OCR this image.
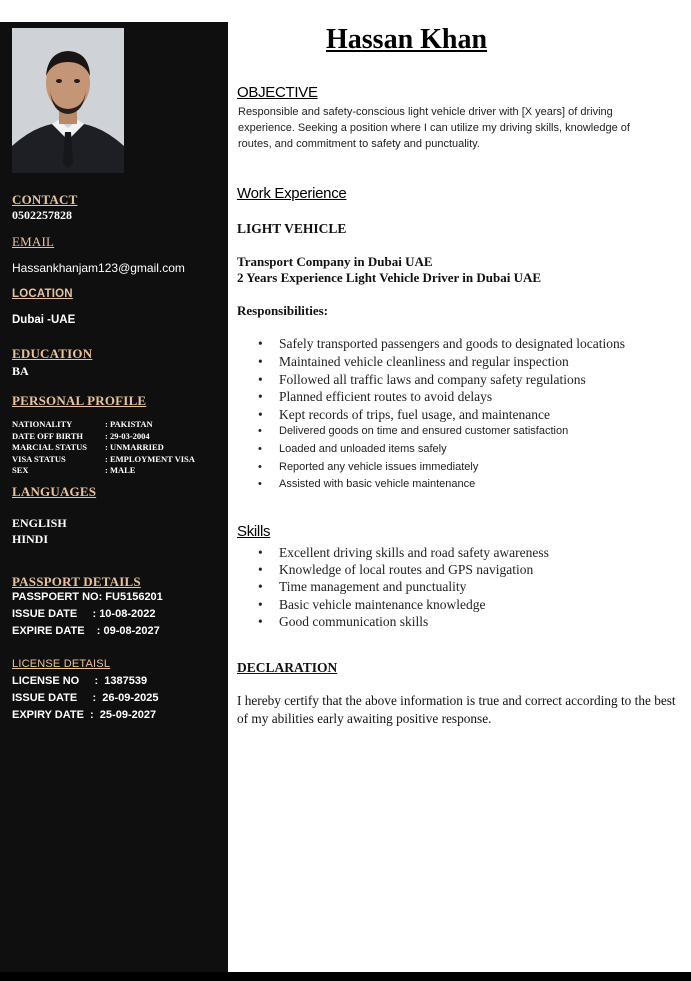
CONTACT
0502257828
EMAIL
Hassankhanjam123@gmail.com
LOCATION
Dubai -UAE
EDUCATION
BA
PERSONAL PROFILE
NATIONALITY	: PAKISTAN
DATE OFF BIRTH	: 29-03-2004
MARCIAL STATUS	: UNMARRIED
VISA STATUS	: EMPLOYMENT VISA
SEX	: MALE
LANGUAGES
ENGLISH
HINDI
PASSPORT DETAILS
PASSPOERT NO: FU5156201
ISSUE DATE     : 10-08-2022
EXPIRE DATE    : 09-08-2027
LICENSE DETAISL
LICENSE NO     :  1387539
ISSUE DATE     :  26-09-2025
EXPIRY DATE  :  25-09-2027
Hassan Khan
OBJECTIVE
Responsible and safety-conscious light vehicle driver with [X years] of driving experience. Seeking a position where I can utilize my driving skills, knowledge of routes, and commitment to safety and punctuality.
Work Experience
LIGHT VEHICLE
Transport Company in Dubai UAE
2 Years Experience Light Vehicle Driver in Dubai UAE
Responsibilities:
• Safely transported passengers and goods to designated locations
• Maintained vehicle cleanliness and regular inspection
• Followed all traffic laws and company safety regulations
• Planned efficient routes to avoid delays
• Kept records of trips, fuel usage, and maintenance
• Delivered goods on time and ensured customer satisfaction
• Loaded and unloaded items safely
• Reported any vehicle issues immediately
• Assisted with basic vehicle maintenance
Skills
• Excellent driving skills and road safety awareness
• Knowledge of local routes and GPS navigation
• Time management and punctuality
• Basic vehicle maintenance knowledge
• Good communication skills
DECLARATION
I hereby certify that the above information is true and correct according to the best of my abilities early awaiting positive response.
